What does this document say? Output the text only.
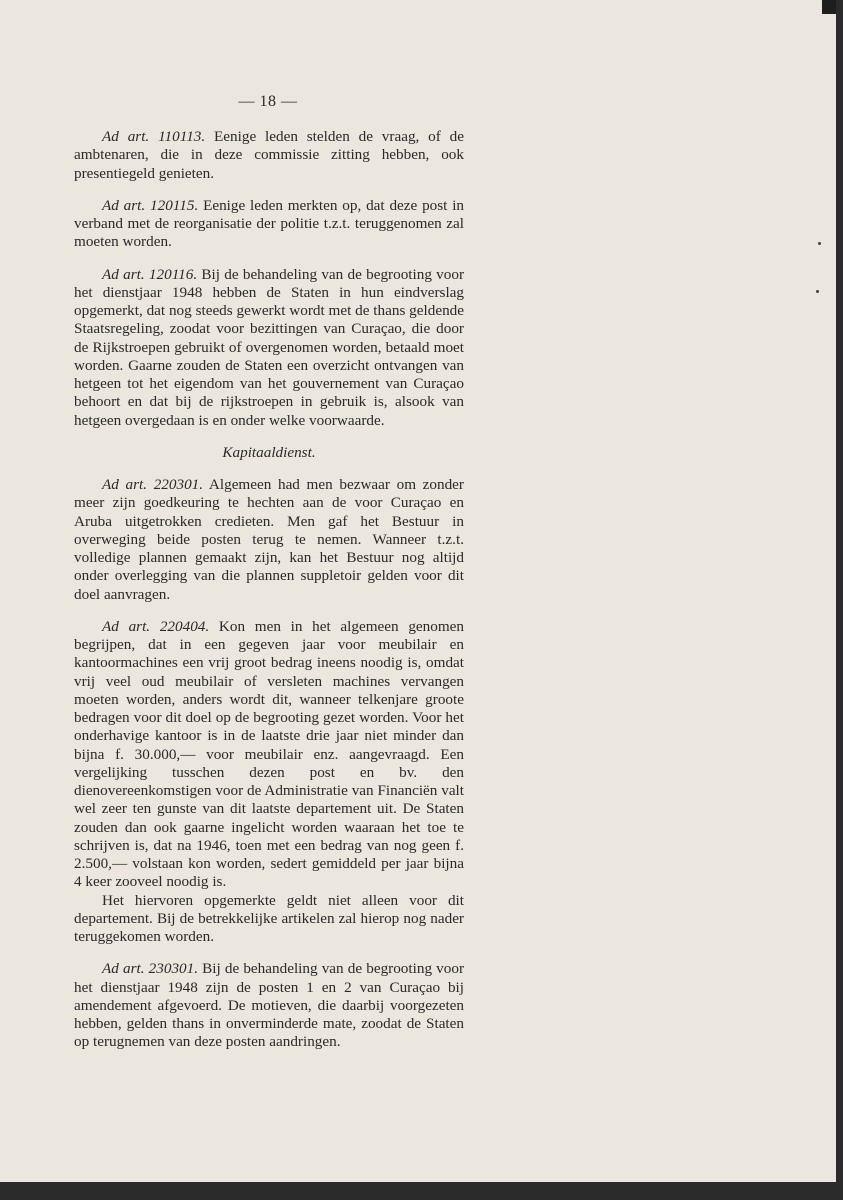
— 18 —

Ad art. 110113. Eenige leden stelden de vraag, of de ambtenaren, die in deze commissie zitting hebben, ook presentiegeld genieten.

Ad art. 120115. Eenige leden merkten op, dat deze post in verband met de reorganisatie der politie t.z.t. teruggenomen zal moeten worden.

Ad art. 120116. Bij de behandeling van de begrooting voor het dienstjaar 1948 hebben de Staten in hun eindverslag opgemerkt, dat nog steeds gewerkt wordt met de thans geldende Staatsregeling, zoodat voor bezittingen van Curaçao, die door de Rijkstroepen gebruikt of overgenomen worden, betaald moet worden. Gaarne zouden de Staten een overzicht ontvangen van hetgeen tot het eigendom van het gouvernement van Curaçao behoort en dat bij de rijkstroepen in gebruik is, alsook van hetgeen overgedaan is en onder welke voorwaarde.

Kapitaaldienst.

Ad art. 220301. Algemeen had men bezwaar om zonder meer zijn goedkeuring te hechten aan de voor Curaçao en Aruba uitgetrokken credieten. Men gaf het Bestuur in overweging beide posten terug te nemen. Wanneer t.z.t. volledige plannen gemaakt zijn, kan het Bestuur nog altijd onder overlegging van die plannen suppletoir gelden voor dit doel aanvragen.

Ad art. 220404. Kon men in het algemeen genomen begrijpen, dat in een gegeven jaar voor meubilair en kantoormachines een vrij groot bedrag ineens noodig is, omdat vrij veel oud meubilair of versleten machines vervangen moeten worden, anders wordt dit, wanneer telkenjare groote bedragen voor dit doel op de begrooting gezet worden. Voor het onderhavige kantoor is in de laatste drie jaar niet minder dan bijna f. 30.000,— voor meubilair enz. aangevraagd. Een vergelijking tusschen dezen post en bv. den dienovereenkomstigen voor de Administratie van Financiën valt wel zeer ten gunste van dit laatste departement uit. De Staten zouden dan ook gaarne ingelicht worden waaraan het toe te schrijven is, dat na 1946, toen met een bedrag van nog geen f. 2.500,— volstaan kon worden, sedert gemiddeld per jaar bijna 4 keer zooveel noodig is.

Het hiervoren opgemerkte geldt niet alleen voor dit departement. Bij de betrekkelijke artikelen zal hierop nog nader teruggekomen worden.

Ad art. 230301. Bij de behandeling van de begrooting voor het dienstjaar 1948 zijn de posten 1 en 2 van Curaçao bij amendement afgevoerd. De motieven, die daarbij voorgezeten hebben, gelden thans in onverminderde mate, zoodat de Staten op terugnemen van deze posten aandringen.
